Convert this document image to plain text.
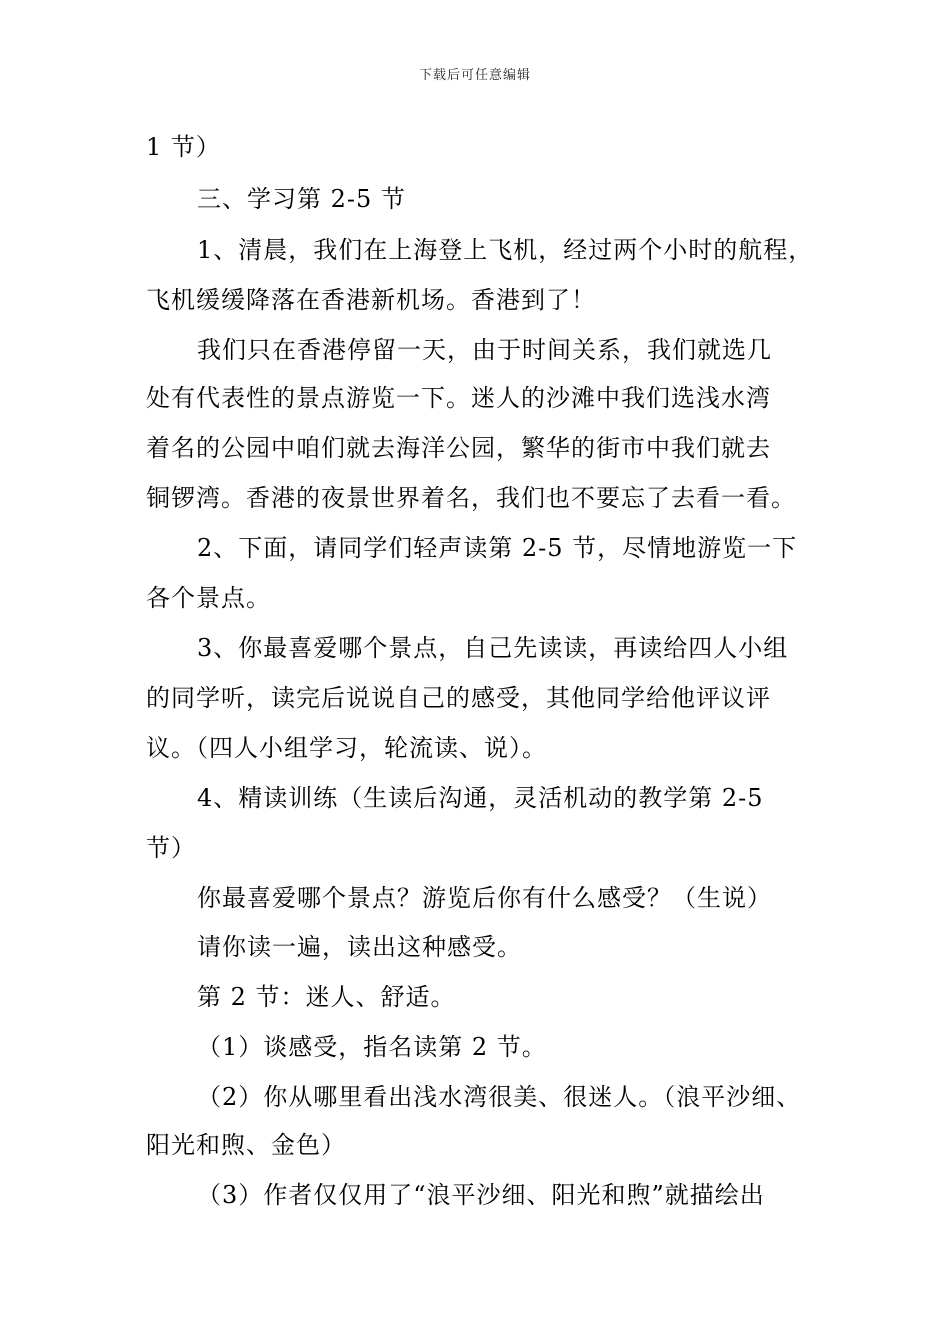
下载后可任意编辑
1 节）
三、学习第 2-5 节
1、清晨，我们在上海登上飞机，经过两个小时的航程，
飞机缓缓降落在香港新机场。香港到了！
我们只在香港停留一天，由于时间关系，我们就选几
处有代表性的景点游览一下。迷人的沙滩中我们选浅水湾
着名的公园中咱们就去海洋公园，繁华的街市中我们就去
铜锣湾。香港的夜景世界着名，我们也不要忘了去看一看。
2、下面，请同学们轻声读第 2-5 节，尽情地游览一下
各个景点。
3、你最喜爱哪个景点，自己先读读，再读给四人小组
的同学听，读完后说说自己的感受，其他同学给他评议评
议。（四人小组学习，轮流读、说）。
4、精读训练（生读后沟通，灵活机动的教学第 2-5
节）
你最喜爱哪个景点？游览后你有什么感受？（生说）
请你读一遍，读出这种感受。
第 2 节：迷人、舒适。
（1）谈感受，指名读第 2 节。
（2）你从哪里看出浅水湾很美、很迷人。（浪平沙细、
阳光和煦、金色）
（3）作者仅仅用了“浪平沙细、阳光和煦”就描绘出
